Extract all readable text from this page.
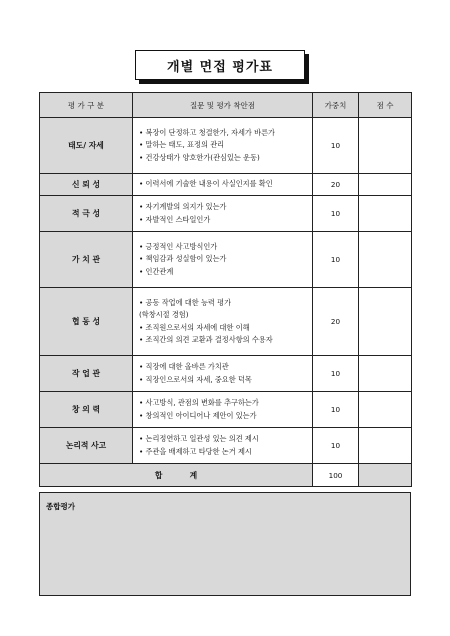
개별 면접 평가표
평 가 구 분	질문 및 평가 착안점	가중치	점 수
태도/ 자세	• 복장이 단정하고 청결한가, 자세가 바른가
• 말하는 태도, 표정의 관리
• 건강상태가 양호한가(관심있는 운동)	10	
신 뢰 성	• 이력서에 기술한 내용이 사실인지를 확인	20	
적 극 성	• 자기계발의 의지가 있는가
• 자발적인 스타일인가	10	
가 치 관	• 긍정적인 사고방식인가
• 책임감과 성실함이 있는가
• 인간관계	10	
협 동 성	• 공동 작업에 대한 능력 평가
(학창시절 경험)
• 조직원으로서의 자세에 대한 이해
• 조직간의 의견 교환과 결정사항의 수용자	20	
작 업 관	• 직장에 대한 올바른 가치관
• 직장인으로서의 자세, 중요한 덕목	10	
창 의 력	• 사고방식, 관점의 변화를 추구하는가
• 창의적인 아이디어나 제안이 있는가	10	
논리적 사고	• 논리정연하고 일관성 있는 의견 제시
• 주관을 배제하고 타당한 논거 제시	10	
합          계		100	
종합평가
